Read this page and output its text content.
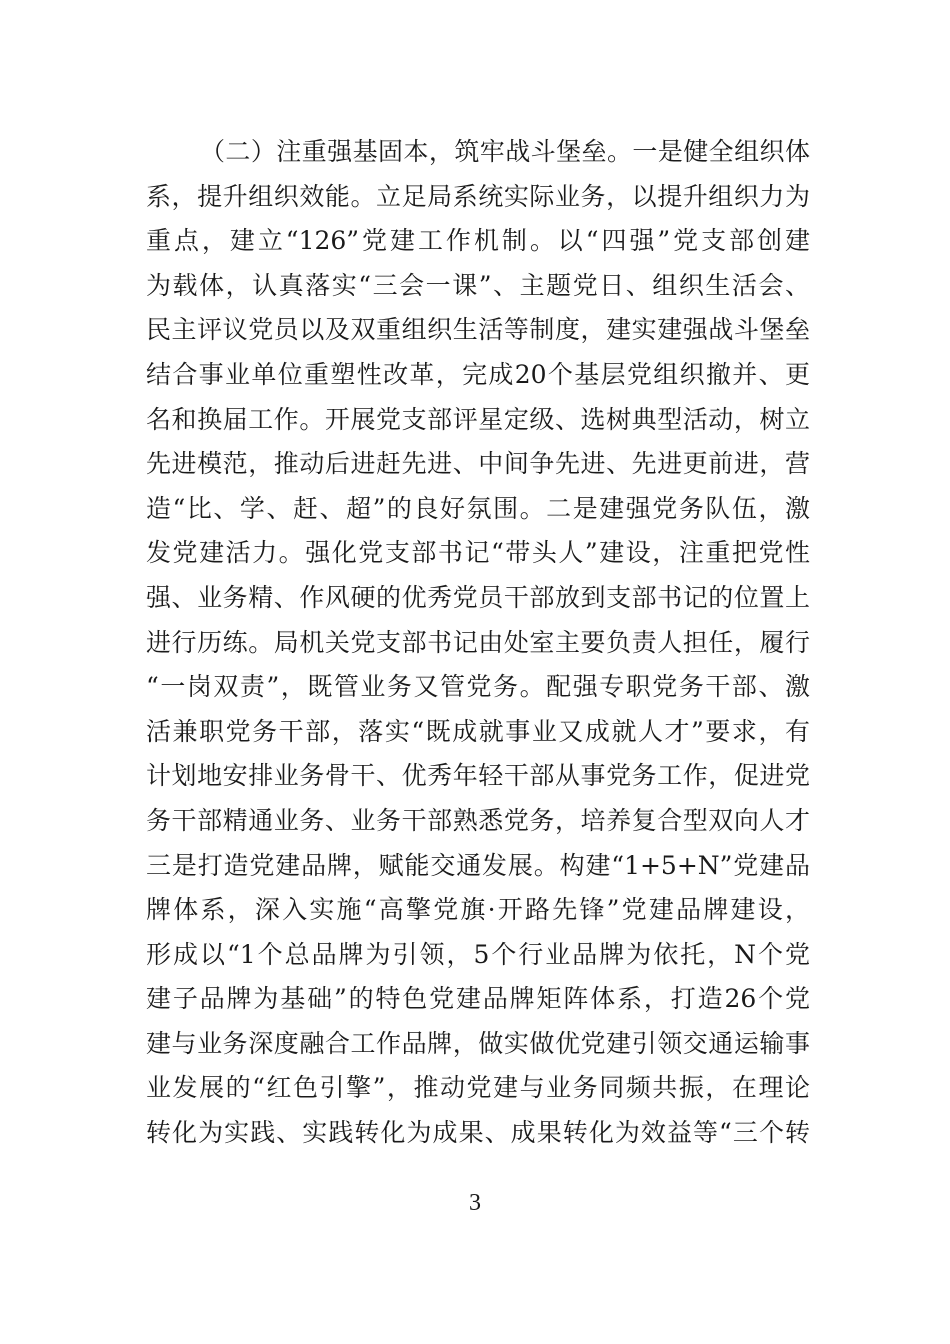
（二）注重强基固本，筑牢战斗堡垒。一是健全组织体
系，提升组织效能。立足局系统实际业务，以提升组织力为
重点，建立“126”党建工作机制。以“四强”党支部创建
为载体，认真落实“三会一课”、主题党日、组织生活会、
民主评议党员以及双重组织生活等制度，建实建强战斗堡垒
结合事业单位重塑性改革，完成20个基层党组织撤并、更
名和换届工作。开展党支部评星定级、选树典型活动，树立
先进模范，推动后进赶先进、中间争先进、先进更前进，营
造“比、学、赶、超”的良好氛围。二是建强党务队伍，激
发党建活力。强化党支部书记“带头人”建设，注重把党性
强、业务精、作风硬的优秀党员干部放到支部书记的位置上
进行历练。局机关党支部书记由处室主要负责人担任，履行
“一岗双责”，既管业务又管党务。配强专职党务干部、激
活兼职党务干部，落实“既成就事业又成就人才”要求，有
计划地安排业务骨干、优秀年轻干部从事党务工作，促进党
务干部精通业务、业务干部熟悉党务，培养复合型双向人才
三是打造党建品牌，赋能交通发展。构建“1+5+N”党建品
牌体系，深入实施“高擎党旗·开路先锋”党建品牌建设，
形成以“1个总品牌为引领，5个行业品牌为依托，N个党
建子品牌为基础”的特色党建品牌矩阵体系，打造26个党
建与业务深度融合工作品牌，做实做优党建引领交通运输事
业发展的“红色引擎”，推动党建与业务同频共振，在理论
转化为实践、实践转化为成果、成果转化为效益等“三个转
3
